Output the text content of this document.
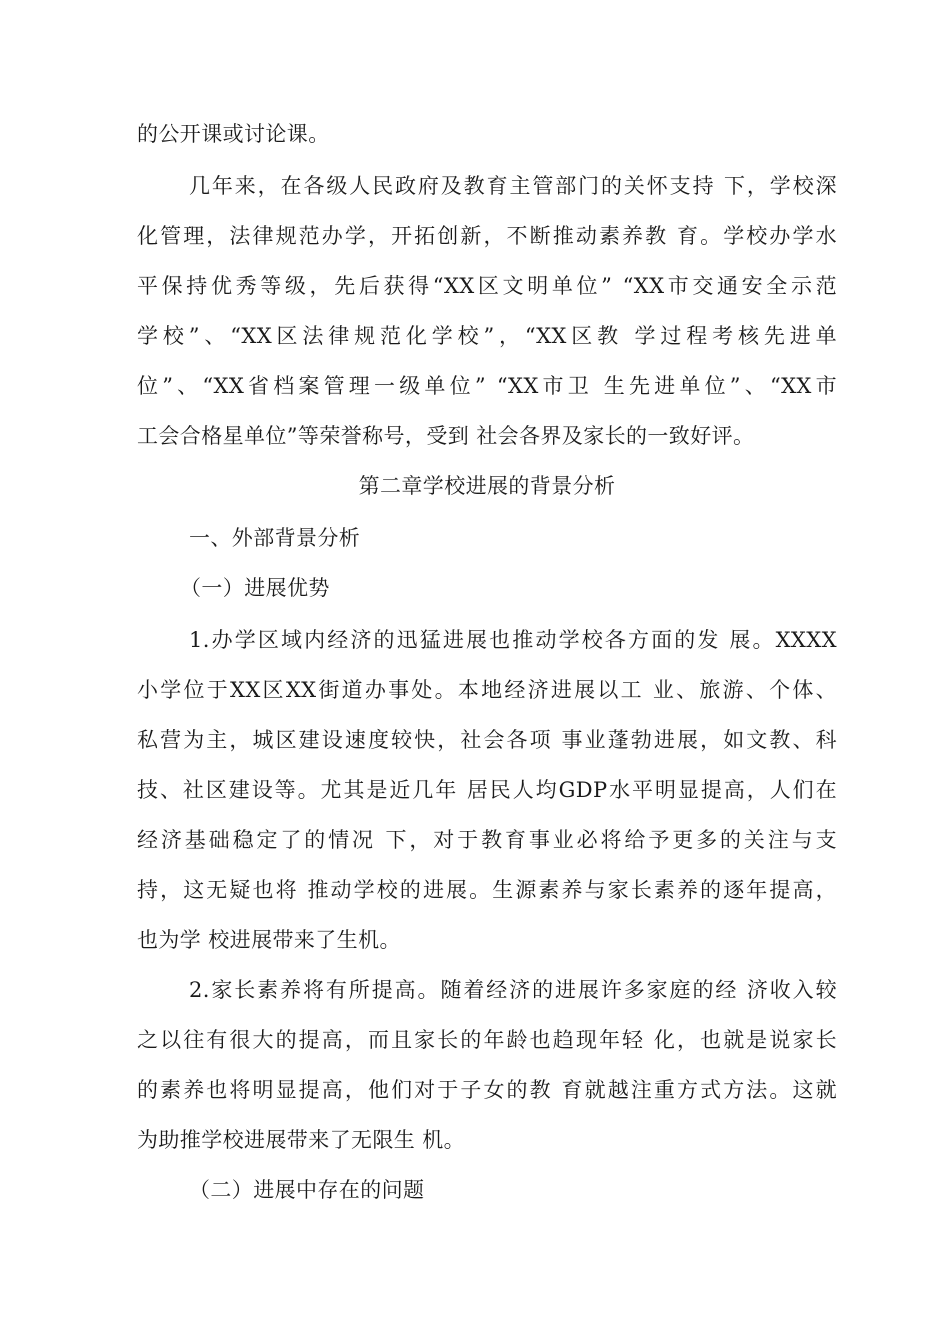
的公开课或讨论课。
几年来，在各级人民政府及教育主管部门的关怀支持 下，学校深
化管理，法律规范办学，开拓创新，不断推动素养教 育。学校办学水
平保持优秀等级，先后获得“XX区文明单位” “XX市交通安全示范
学校”、“XX区法律规范化学校”，“XX区教 学过程考核先进单
位”、“XX省档案管理一级单位” “XX市卫 生先进单位”、“XX市
工会合格星单位”等荣誉称号，受到 社会各界及家长的一致好评。
第二章学校进展的背景分析
一、外部背景分析
（一）进展优势
1.办学区域内经济的迅猛进展也推动学校各方面的发 展。XXXX
小学位于XX区XX街道办事处。本地经济进展以工 业、旅游、个体、
私营为主，城区建设速度较快，社会各项 事业蓬勃进展，如文教、科
技、社区建设等。尤其是近几年 居民人均GDP水平明显提高，人们在
经济基础稳定了的情况 下，对于教育事业必将给予更多的关注与支
持，这无疑也将 推动学校的进展。生源素养与家长素养的逐年提高，
也为学 校进展带来了生机。
2.家长素养将有所提高。随着经济的进展许多家庭的经 济收入较
之以往有很大的提高，而且家长的年龄也趋现年轻 化，也就是说家长
的素养也将明显提高，他们对于子女的教 育就越注重方式方法。这就
为助推学校进展带来了无限生 机。
（二）进展中存在的问题
